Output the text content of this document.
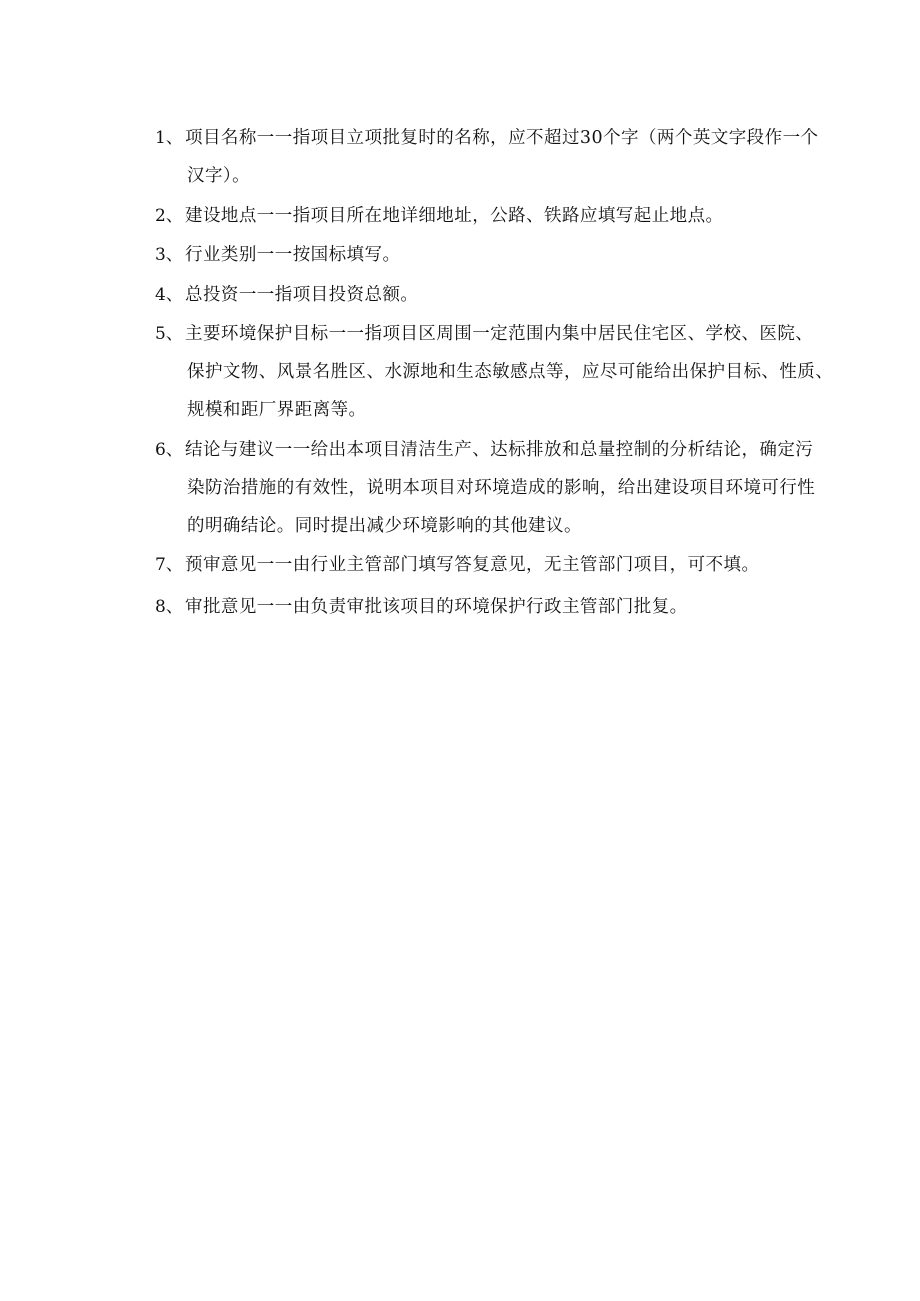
1、 项目名称一一指项目立项批复时的名称，应不超过30个字（两个英文字段作一个
汉字）。
2、 建设地点一一指项目所在地详细地址，公路、铁路应填写起止地点。
3、 行业类别一一按国标填写。
4、 总投资一一指项目投资总额。
5、 主要环境保护目标一一指项目区周围一定范围内集中居民住宅区、学校、医院、
保护文物、风景名胜区、水源地和生态敏感点等，应尽可能给出保护目标、性质、
规模和距厂界距离等。
6、 结论与建议一一给出本项目清洁生产、达标排放和总量控制的分析结论，确定污
染防治措施的有效性，说明本项目对环境造成的影响，给出建设项目环境可行性
的明确结论。同时提出减少环境影响的其他建议。
7、 预审意见一一由行业主管部门填写答复意见，无主管部门项目，可不填。
8、 审批意见一一由负责审批该项目的环境保护行政主管部门批复。
